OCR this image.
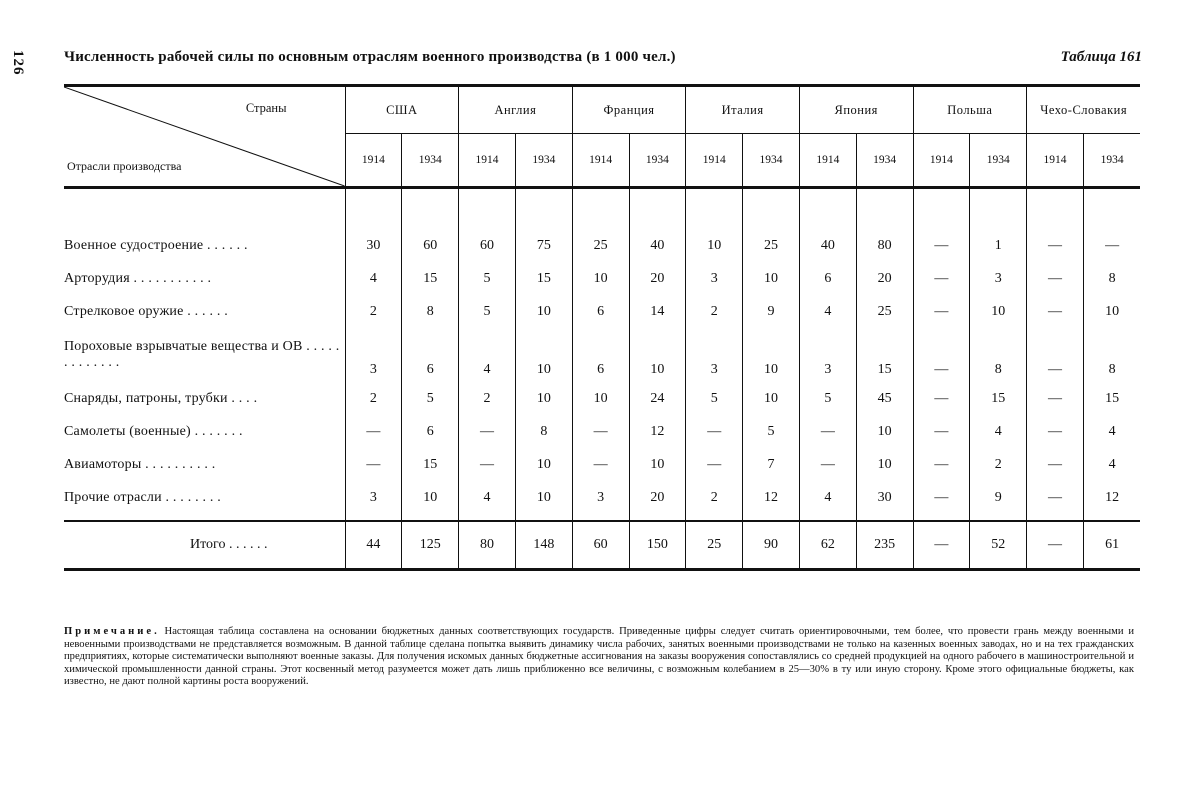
126	Численность рабочей силы по основным отраслям военного производства (в 1 000 чел.)	Таблица 161
Страны
Отрасли производства	США		Англия		Франция		Италия		Япония		Польша		Чехо-Словакия	
	1914	1934	1914	1934	1914	1934	1914	1934	1914	1934	1914	1934	1914	1934

Военное судостроение . . . . . .	30	60	60	75	25	40	10	25	40	80	—	1	—	—
Артоpудия . . . . . . . . . . .	4	15	5	15	10	20	3	10	6	20	—	3	—	8
Стрелковое оружие . . . . . .	2	8	5	10	6	14	2	9	4	25	—	10	—	10
Пороховые взрывчатые вещества и ОВ . . . . . . . . . . . . .	3	6	4	10	6	10	3	10	3	15	—	8	—	8
Снаряды, патроны, трубки . . . .	2	5	2	10	10	24	5	10	5	45	—	15	—	15
Самолеты (военные) . . . . . . .	—	6	—	8	—	12	—	5	—	10	—	4	—	4
Авиамоторы . . . . . . . . . .	—	15	—	10	—	10	—	7	—	10	—	2	—	4
Прочие отрасли . . . . . . . .	3	10	4	10	3	20	2	12	4	30	—	9	—	12

Итого . . . . . .	44	125	80	148	60	150	25	90	62	235	—	52	—	61

Примечание. Настоящая таблица составлена на основании бюджетных данных соответствующих государств. Приведенные цифры следует считать ориентировочными, тем более, что провести грань между военными и невоенными производствами не представляется возможным. В данной таблице сделана попытка выявить динамику числа рабочих, занятых военными производствами не только на казенных военных заводах, но и на тех гражданских предприятиях, которые систематически выполняют военные заказы. Для получения искомых данных бюджетные ассигнования на заказы вооружения сопоставлялись со средней продукцией на одного рабочего в машиностроительной и химической промышленности данной страны. Этот косвенный метод разумеется может дать лишь приближенно все величины, с возможным колебанием в 25—30% в ту или иную сторону. Кроме этого официальные бюджеты, как известно, не дают полной картины роста вооружений.
